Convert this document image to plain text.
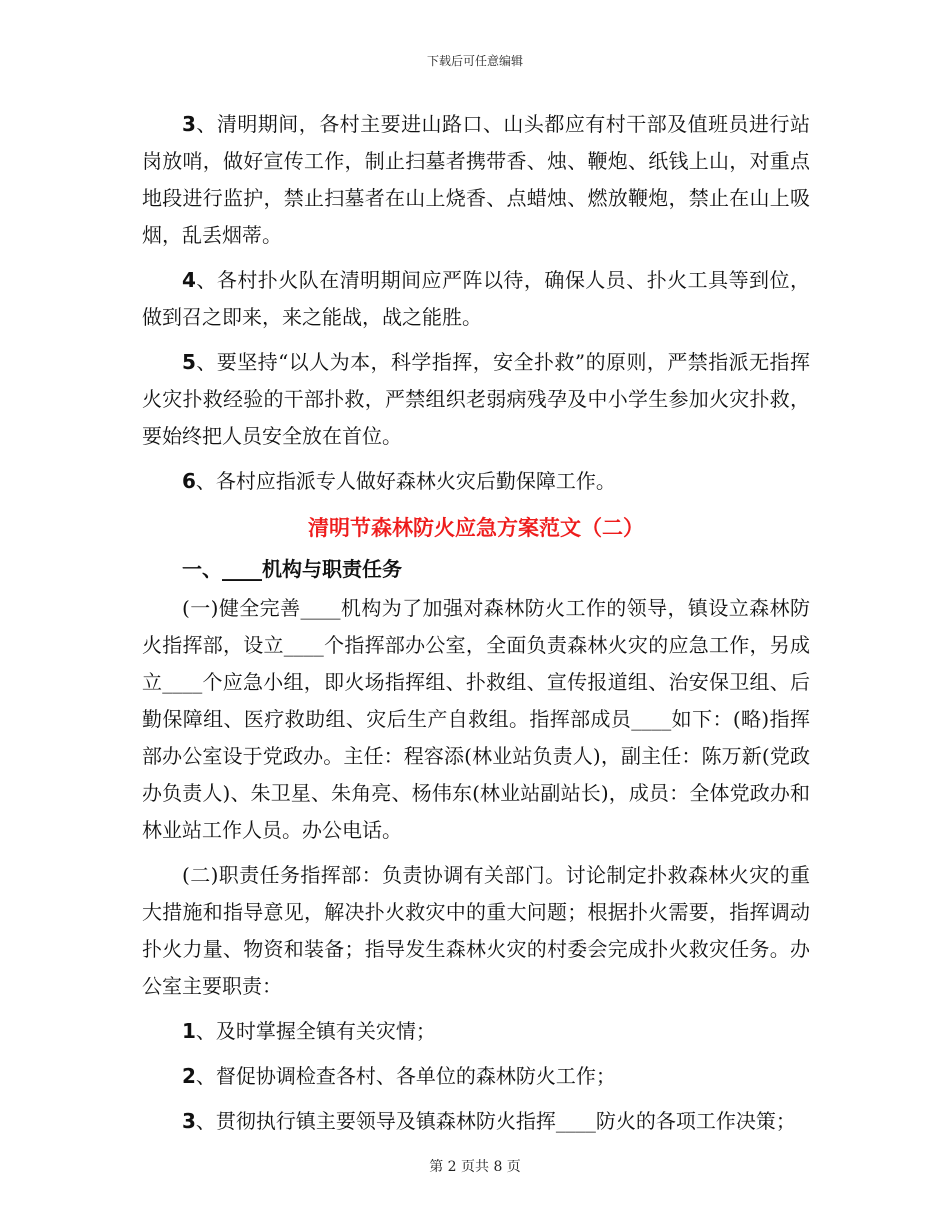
下载后可任意编辑

3、清明期间，各村主要进山路口、山头都应有村干部及值班员进行站岗放哨，做好宣传工作，制止扫墓者携带香、烛、鞭炮、纸钱上山，对重点地段进行监护，禁止扫墓者在山上烧香、点蜡烛、燃放鞭炮，禁止在山上吸烟，乱丢烟蒂。

4、各村扑火队在清明期间应严阵以待，确保人员、扑火工具等到位，做到召之即来，来之能战，战之能胜。

5、要坚持“以人为本，科学指挥，安全扑救”的原则，严禁指派无指挥火灾扑救经验的干部扑救，严禁组织老弱病残孕及中小学生参加火灾扑救，要始终把人员安全放在首位。

6、各村应指派专人做好森林火灾后勤保障工作。

清明节森林防火应急方案范文（二）

一、____机构与职责任务

(一)健全完善____机构为了加强对森林防火工作的领导，镇设立森林防火指挥部，设立____个指挥部办公室，全面负责森林火灾的应急工作，另成立____个应急小组，即火场指挥组、扑救组、宣传报道组、治安保卫组、后勤保障组、医疗救助组、灾后生产自救组。指挥部成员____如下：(略)指挥部办公室设于党政办。主任：程容添(林业站负责人)，副主任：陈万新(党政办负责人)、朱卫星、朱角亮、杨伟东(林业站副站长)，成员：全体党政办和林业站工作人员。办公电话。

(二)职责任务指挥部：负责协调有关部门。讨论制定扑救森林火灾的重大措施和指导意见，解决扑火救灾中的重大问题；根据扑火需要，指挥调动扑火力量、物资和装备；指导发生森林火灾的村委会完成扑火救灾任务。办公室主要职责：

1、及时掌握全镇有关灾情；

2、督促协调检查各村、各单位的森林防火工作；

3、贯彻执行镇主要领导及镇森林防火指挥____防火的各项工作决策；

第 2 页共 8 页
